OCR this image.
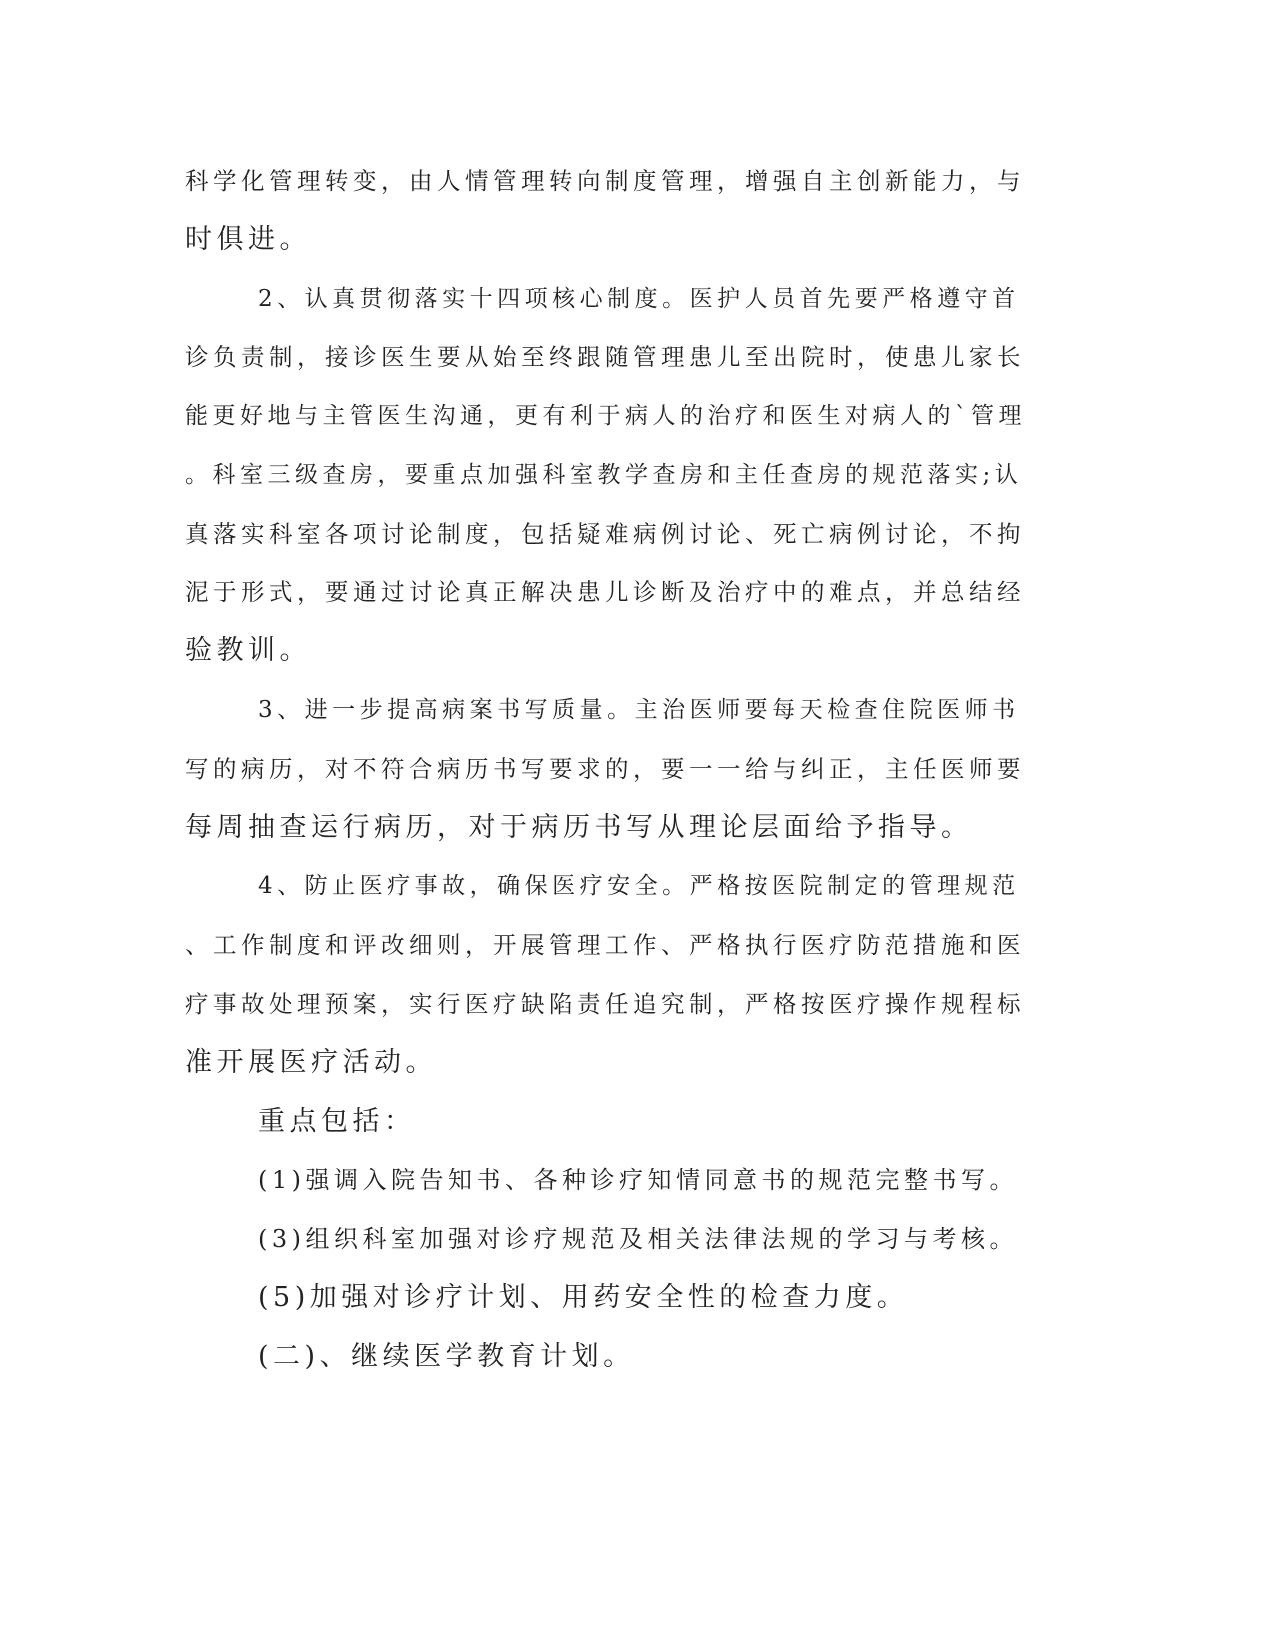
科学化管理转变，由人情管理转向制度管理，增强自主创新能力，与
时俱进。
2、认真贯彻落实十四项核心制度。医护人员首先要严格遵守首
诊负责制，接诊医生要从始至终跟随管理患儿至出院时，使患儿家长
能更好地与主管医生沟通，更有利于病人的治疗和医生对病人的`管理
。科室三级查房，要重点加强科室教学查房和主任查房的规范落实;认
真落实科室各项讨论制度，包括疑难病例讨论、死亡病例讨论，不拘
泥于形式，要通过讨论真正解决患儿诊断及治疗中的难点，并总结经
验教训。
3、进一步提高病案书写质量。主治医师要每天检查住院医师书
写的病历，对不符合病历书写要求的，要一一给与纠正，主任医师要
每周抽查运行病历，对于病历书写从理论层面给予指导。
4、防止医疗事故，确保医疗安全。严格按医院制定的管理规范
、工作制度和评改细则，开展管理工作、严格执行医疗防范措施和医
疗事故处理预案，实行医疗缺陷责任追究制，严格按医疗操作规程标
准开展医疗活动。
重点包括：
(1)强调入院告知书、各种诊疗知情同意书的规范完整书写。
(3)组织科室加强对诊疗规范及相关法律法规的学习与考核。
(5)加强对诊疗计划、用药安全性的检查力度。
(二)、继续医学教育计划。
